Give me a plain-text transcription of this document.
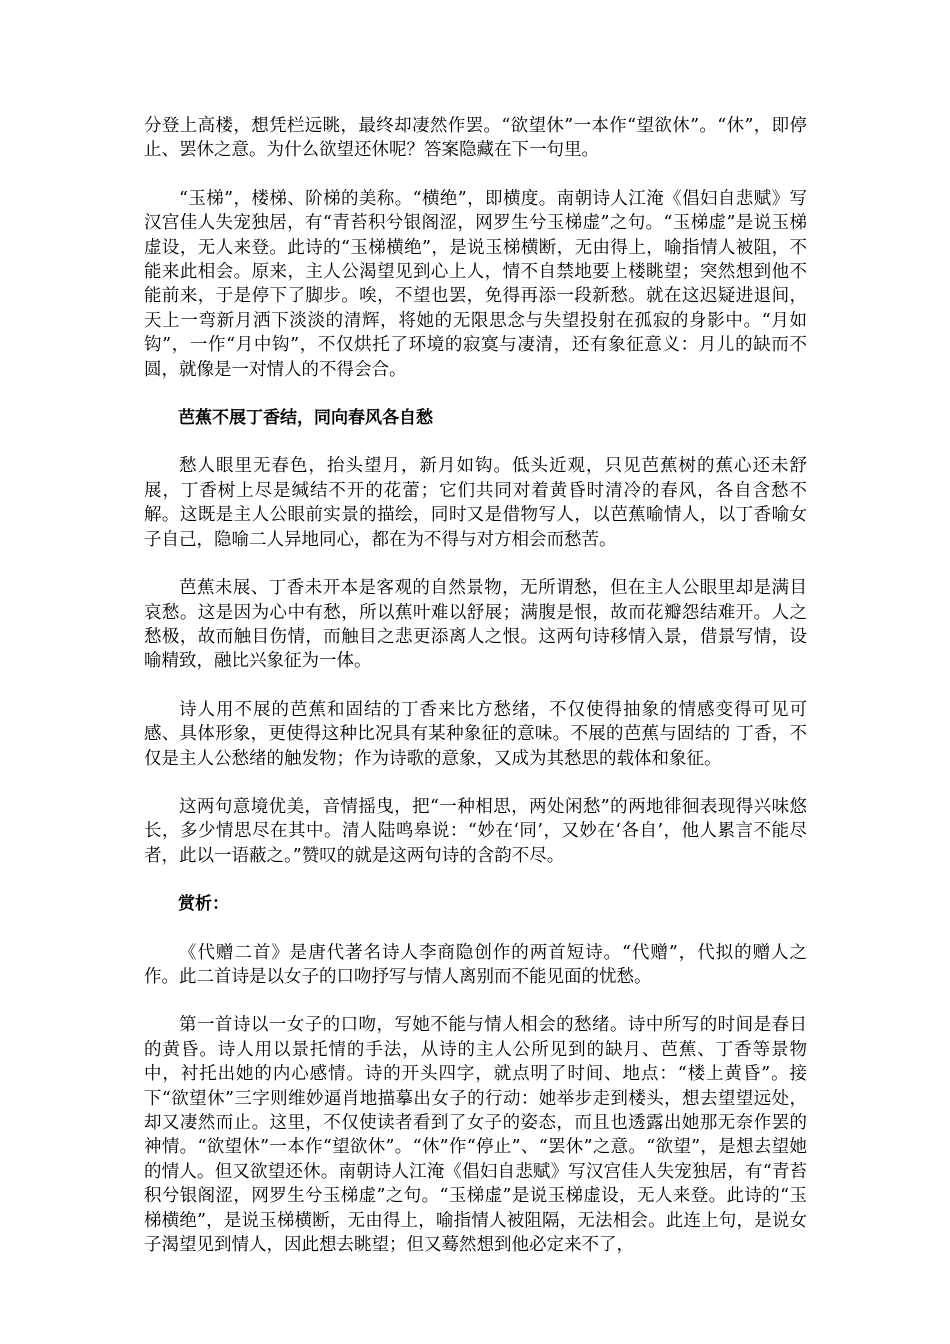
分登上高楼，想凭栏远眺，最终却凄然作罢。“欲望休”一本作“望欲休”。“休”，即停止、罢休之意。为什么欲望还休呢？答案隐藏在下一句里。

“玉梯”，楼梯、阶梯的美称。“横绝”，即横度。南朝诗人江淹《倡妇自悲赋》写汉宫佳人失宠独居，有“青苔积兮银阁涩，网罗生兮玉梯虚”之句。“玉梯虚”是说玉梯虚设，无人来登。此诗的“玉梯横绝”，是说玉梯横断，无由得上，喻指情人被阻，不能来此相会。原来，主人公渴望见到心上人，情不自禁地要上楼眺望；突然想到他不能前来，于是停下了脚步。唉，不望也罢，免得再添一段新愁。就在这迟疑进退间，天上一弯新月洒下淡淡的清辉，将她的无限思念与失望投射在孤寂的身影中。“月如钩”，一作“月中钩”，不仅烘托了环境的寂寞与凄清，还有象征意义：月儿的缺而不圆，就像是一对情人的不得会合。

芭蕉不展丁香结，同向春风各自愁

愁人眼里无春色，抬头望月，新月如钩。低头近观，只见芭蕉树的蕉心还未舒展，丁香树上尽是缄结不开的花蕾；它们共同对着黄昏时清冷的春风，各自含愁不解。这既是主人公眼前实景的描绘，同时又是借物写人，以芭蕉喻情人，以丁香喻女子自己，隐喻二人异地同心，都在为不得与对方相会而愁苦。

芭蕉未展、丁香未开本是客观的自然景物，无所谓愁，但在主人公眼里却是满目哀愁。这是因为心中有愁，所以蕉叶难以舒展；满腹是恨，故而花瓣怨结难开。人之愁极，故而触目伤情，而触目之悲更添离人之恨。这两句诗移情入景，借景写情，设喻精致，融比兴象征为一体。

诗人用不展的芭蕉和固结的丁香来比方愁绪，不仅使得抽象的情感变得可见可感、具体形象，更使得这种比况具有某种象征的意味。不展的芭蕉与固结的 丁香，不仅是主人公愁绪的触发物；作为诗歌的意象，又成为其愁思的载体和象征。

这两句意境优美，音情摇曳，把“一种相思，两处闲愁”的两地徘徊表现得兴味悠长，多少情思尽在其中。清人陆鸣皋说：“妙在‘同’，又妙在‘各自’，他人累言不能尽者，此以一语蔽之。”赞叹的就是这两句诗的含韵不尽。

赏析：

《代赠二首》是唐代著名诗人李商隐创作的两首短诗。“代赠”，代拟的赠人之作。此二首诗是以女子的口吻抒写与情人离别而不能见面的忧愁。

第一首诗以一女子的口吻，写她不能与情人相会的愁绪。诗中所写的时间是春日的黄昏。诗人用以景托情的手法，从诗的主人公所见到的缺月、芭蕉、丁香等景物中，衬托出她的内心感情。诗的开头四字，就点明了时间、地点：“楼上黄昏”。接下“欲望休”三字则维妙逼肖地描摹出女子的行动：她举步走到楼头，想去望望远处，却又凄然而止。这里，不仅使读者看到了女子的姿态，而且也透露出她那无奈作罢的神情。“欲望休”一本作“望欲休”。“休”作“停止”、“罢休”之意。“欲望”，是想去望她的情人。但又欲望还休。南朝诗人江淹《倡妇自悲赋》写汉宫佳人失宠独居，有“青苔积兮银阁涩，网罗生兮玉梯虚”之句。“玉梯虚”是说玉梯虚设，无人来登。此诗的“玉梯横绝”，是说玉梯横断，无由得上，喻指情人被阻隔，无法相会。此连上句，是说女子渴望见到情人，因此想去眺望；但又蓦然想到他必定来不了，
